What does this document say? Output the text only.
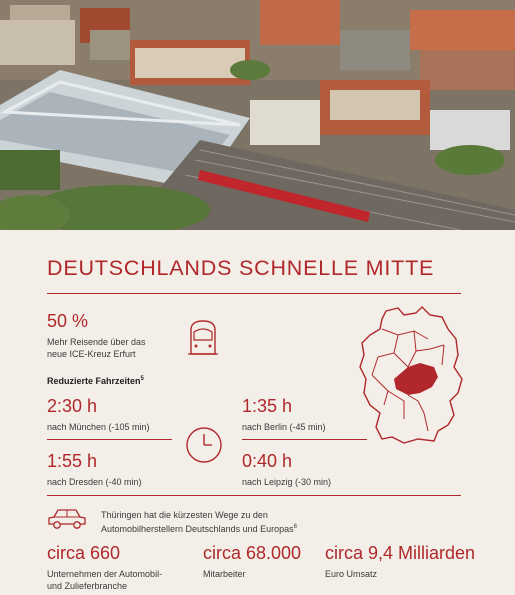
DEUTSCHLANDS SCHNELLE MITTE
50 %
Mehr Reisende über das
neue ICE-Kreuz Erfurt
Reduzierte Fahrzeiten$^5$
2:30 h
nach München (-105 min)
1:35 h
nach Berlin (-45 min)
1:55 h
nach Dresden (-40 min)
0:40 h
nach Leipzig (-30 min)
Thüringen hat die kürzesten Wege zu den
Automobilherstellern Deutschlands und Europas$^6$
circa 660
Unternehmen der Automobil-
und Zulieferbranche
circa 68.000
Mitarbeiter
circa 9,4 Milliarden
Euro Umsatz
